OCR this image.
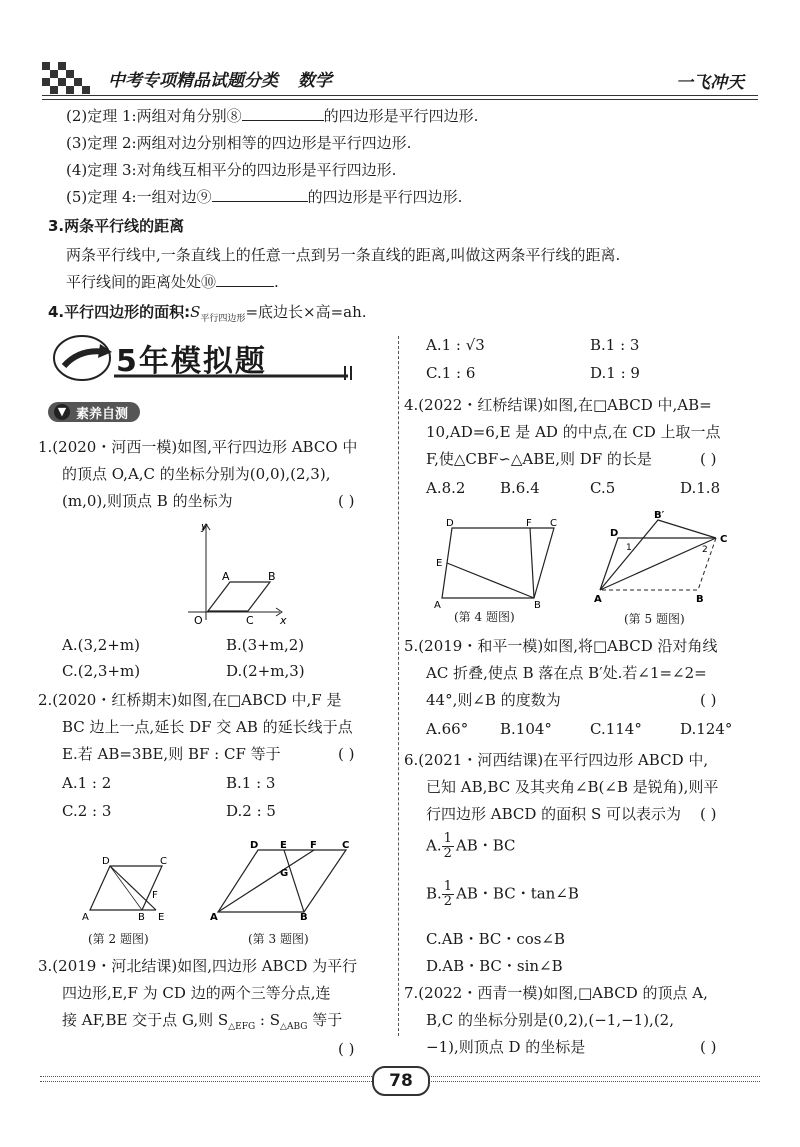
中考专项精品试题分类 数学	一飞冲天
(2)定理 1:两组对角分别⑧	的四边形是平行四边形.
(3)定理 2:两组对边分别相等的四边形是平行四边形.
(4)定理 3:对角线互相平分的四边形是平行四边形.
(5)定理 4:一组对边⑨	的四边形是平行四边形.
3.两条平行线的距离
两条平行线中,一条直线上的任意一点到另一条直线的距离,叫做这两条平行线的距离.
平行线间的距离处处⑩	.
4.平行四边形的面积$:S_{平行四边形}=$底边长×高=ah.
5年模拟题
▼ 素养自测
1.(2020・河西一模)如图,平行四边形 ABCO 中
的顶点 O,A,C 的坐标分别为(0,0),(2,3),
(m,0),则顶点 B 的坐标为	( )
y
x
O
A	B
C
A.(3,2+m)	B.(3+m,2)
C.(2,3+m)	D.(2+m,3)
2.(2020・红桥期末)如图,在□ABCD 中,F 是
BC 边上一点,延长 DF 交 AB 的延长线于点
E.若 AB=3BE,则 BF : CF 等于	( )
A.1 : 2	B.1 : 3
C.2 : 3	D.2 : 5
D	C
F
A	B E
(第 2 题图)
D E F	C
G
A	B
(第 3 题图)
3.(2019・河北结课)如图,四边形 ABCD 为平行
四边形,E,F 为 CD 边的两个三等分点,连
接 AF,BE 交于点 G,则 $S_{\triangle EFG}$ : $S_{\triangle ABG}$ 等于
( )
A.1 : √3	B.1 : 3
C.1 : 6	D.1 : 9
4.(2022・红桥结课)如图,在□ABCD 中,AB=
10,AD=6,E 是 AD 的中点,在 CD 上取一点
F,使△CBF∽△ABE,则 DF 的长是	( )
A.8.2 B.6.4	C.5	D.1.8
D	F C
E
A	B
(第 4 题图)
B′
D
C
1	2
A	B
(第 5 题图)
5.(2019・和平一模)如图,将□ABCD 沿对角线
AC 折叠,使点 B 落在点 B′处.若∠1=∠2=
44°,则∠B 的度数为	( )
A.66° B.104°	C.114°	D.124°
6.(2021・河西结课)在平行四边形 ABCD 中,
已知 AB,BC 及其夹角∠B(∠B 是锐角),则平
行四边形 ABCD 的面积 S 可以表示为 ( )
A. $\frac{1}{2}$ AB・BC
B. $\frac{1}{2}$ AB・BC・tan∠B
C.AB・BC・cos∠B
D.AB・BC・sin∠B
7.(2022・西青一模)如图,□ABCD 的顶点 A,
B,C 的坐标分别是(0,2),(−1,−1),(2,
−1),则顶点 D 的坐标是	( )
78
